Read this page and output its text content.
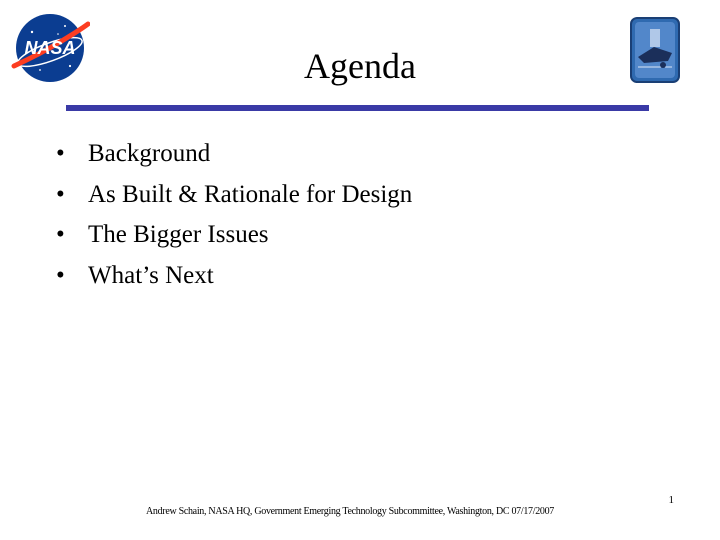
NASA	Agenda
• Background
• As Built & Rationale for Design
• The Bigger Issues
• What’s Next
1
Andrew Schain, NASA HQ, Government Emerging Technology Subcommittee, Washington, DC 07/17/2007
